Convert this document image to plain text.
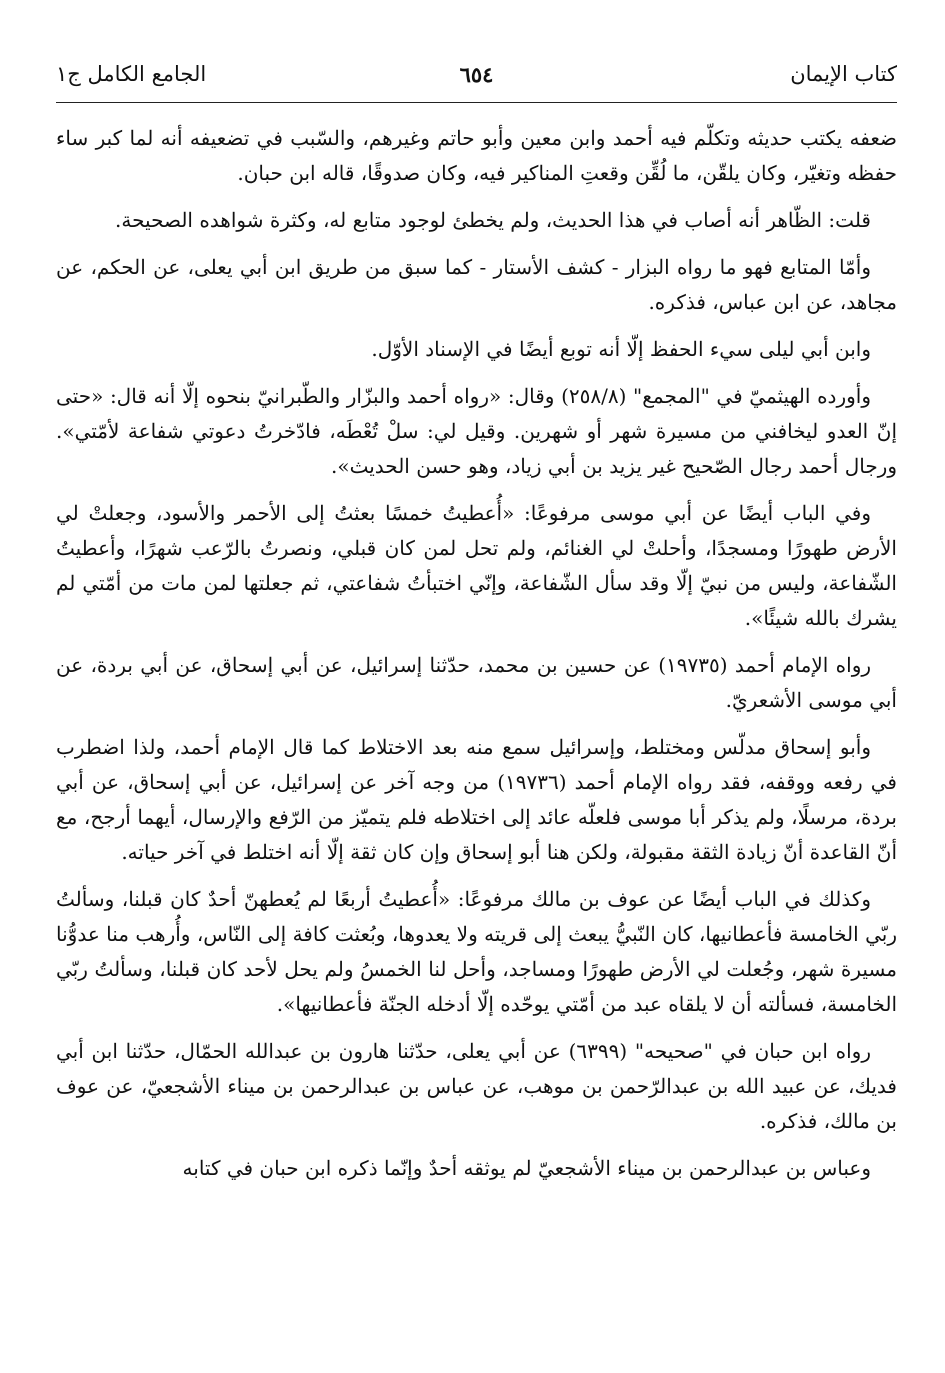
كتاب الإيمان
٦٥٤
الجامع الكامل ج١

ضعفه يكتب حديثه وتكلّم فيه أحمد وابن معين وأبو حاتم وغيرهم، والسّبب في تضعيفه أنه لما كبر ساء حفظه وتغيّر، وكان يلقّن، ما لُقِّن وقعتِ المناكير فيه، وكان صدوقًا، قاله ابن حبان.

قلت: الظّاهر أنه أصاب في هذا الحديث، ولم يخطئ لوجود متابع له، وكثرة شواهده الصحيحة.

وأمّا المتابع فهو ما رواه البزار - كشف الأستار - كما سبق من طريق ابن أبي يعلى، عن الحكم، عن مجاهد، عن ابن عباس، فذكره.

وابن أبي ليلى سيء الحفظ إلّا أنه توبع أيضًا في الإسناد الأوّل.

وأورده الهيثميّ في "المجمع" (٢٥٨/٨) وقال: «رواه أحمد والبزّار والطّبرانيّ بنحوه إلّا أنه قال: «حتى إنّ العدو ليخافني من مسيرة شهر أو شهرين. وقيل لي: سلْ تُعْطَه، فادّخرتُ دعوتي شفاعة لأمّتي». ورجال أحمد رجال الصّحيح غير يزيد بن أبي زياد، وهو حسن الحديث».

وفي الباب أيضًا عن أبي موسى مرفوعًا: «أُعطيتُ خمسًا بعثتُ إلى الأحمر والأسود، وجعلتْ لي الأرض طهورًا ومسجدًا، وأحلتْ لي الغنائم، ولم تحل لمن كان قبلي، ونصرتُ بالرّعب شهرًا، وأعطيتُ الشّفاعة، وليس من نبيّ إلّا وقد سأل الشّفاعة، وإنّي اختبأتُ شفاعتي، ثم جعلتها لمن مات من أمّتي لم يشرك بالله شيئًا».

رواه الإمام أحمد (١٩٧٣٥) عن حسين بن محمد، حدّثنا إسرائيل، عن أبي إسحاق، عن أبي بردة، عن أبي موسى الأشعريّ.

وأبو إسحاق مدلّس ومختلط، وإسرائيل سمع منه بعد الاختلاط كما قال الإمام أحمد، ولذا اضطرب في رفعه ووقفه، فقد رواه الإمام أحمد (١٩٧٣٦) من وجه آخر عن إسرائيل، عن أبي إسحاق، عن أبي بردة، مرسلًا، ولم يذكر أبا موسى فلعلّه عائد إلى اختلاطه فلم يتميّز من الرّفع والإرسال، أيهما أرجح، مع أنّ القاعدة أنّ زيادة الثقة مقبولة، ولكن هنا أبو إسحاق وإن كان ثقة إلّا أنه اختلط في آخر حياته.

وكذلك في الباب أيضًا عن عوف بن مالك مرفوعًا: «أُعطيتُ أربعًا لم يُعطهنّ أحدٌ كان قبلنا، وسألتُ ربّي الخامسة فأعطانيها، كان النّبيُّ يبعث إلى قريته ولا يعدوها، وبُعثت كافة إلى النّاس، وأُرهب منا عدوُّنا مسيرة شهر، وجُعلت لي الأرض طهورًا ومساجد، وأحل لنا الخمسُ ولم يحل لأحد كان قبلنا، وسألتُ ربّي الخامسة، فسألته أن لا يلقاه عبد من أمّتي يوحّده إلّا أدخله الجنّة فأعطانيها».

رواه ابن حبان في "صحيحه" (٦٣٩٩) عن أبي يعلى، حدّثنا هارون بن عبدالله الحمّال، حدّثنا ابن أبي فديك، عن عبيد الله بن عبدالرّحمن بن موهب، عن عباس بن عبدالرحمن بن ميناء الأشجعيّ، عن عوف بن مالك، فذكره.

وعباس بن عبدالرحمن بن ميناء الأشجعيّ لم يوثقه أحدٌ وإنّما ذكره ابن حبان في كتابه
